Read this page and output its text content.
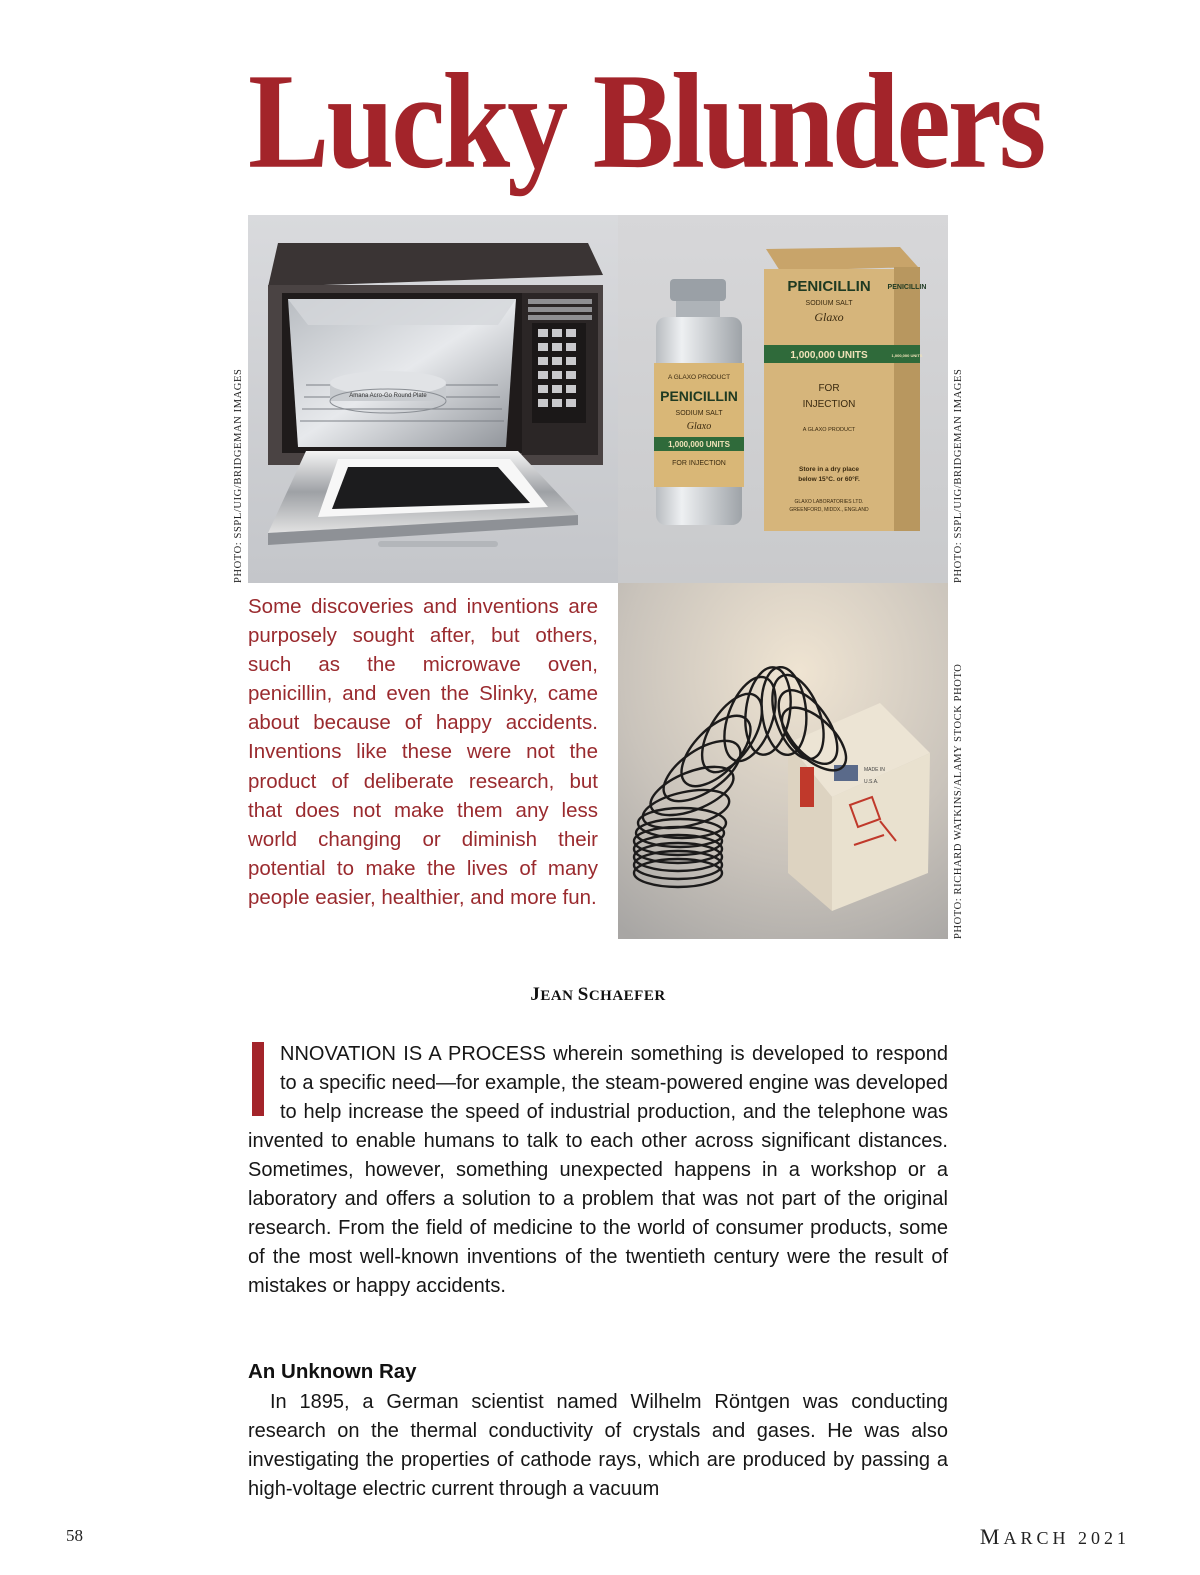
Lucky Blunders
Amana Acro-Go Round Plate
A GLAXO PRODUCT
PENICILLIN
SODIUM SALT
Glaxo
1,000,000 UNITS
FOR INJECTION
PENICILLIN
SODIUM SALT
Glaxo
1,000,000 UNITS
FOR
INJECTION
A GLAXO PRODUCT
Store in a dry place
below 15°C. or 60°F.
GLAXO LABORATORIES LTD.
GREENFORD, MIDDX., ENGLAND
PENICILLIN
1,000,000 UNITS
MADE IN
U.S.A.
PHOTO: SSPL/UIG/BRIDGEMAN IMAGES	PHOTO: SSPL/UIG/BRIDGEMAN IMAGES
PHOTO: RICHARD WATKINS/ALAMY STOCK PHOTO

Some discoveries and inventions are purposely sought after, but others, such as the microwave oven, penicillin, and even the Slinky, came about because of happy accidents. Inventions like these were not the product of deliberate research, but that does not make them any less world changing or diminish their potential to make the lives of many people easier, healthier, and more fun.

JEAN SCHAEFER

NNOVATION IS A PROCESS wherein something is developed to respond to a specific need—for example, the steam-powered engine was developed to help increase the speed of industrial production, and the telephone was invented to enable humans to talk to each other across significant distances. Sometimes, however, something unexpected happens in a workshop or a laboratory and offers a solution to a problem that was not part of the original research. From the field of medicine to the world of consumer products, some of the most well-known inventions of the twentieth century were the result of mistakes or happy accidents.

An Unknown Ray

In 1895, a German scientist named Wilhelm Röntgen was conducting research on the thermal conductivity of crystals and gases. He was also investigating the properties of cathode rays, which are produced by passing a high-voltage electric current through a vacuum

58	MARCH 2021
